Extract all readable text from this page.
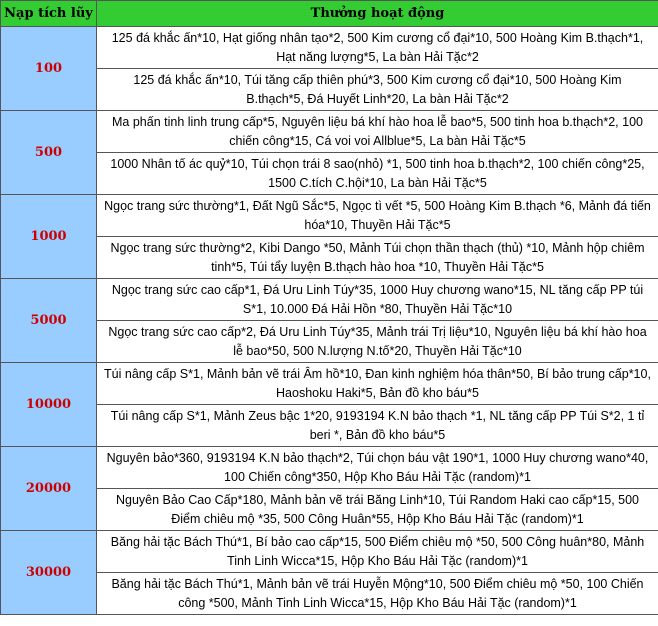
Nạp tích lũy	Thưởng hoạt động
100	125 đá khắc ấn*10, Hạt giống nhân tạo*2, 500 Kim cương cổ đại*10, 500 Hoàng Kim B.thạch*1, Hạt năng lượng*5, La bàn Hải Tặc*2
	125 đá khắc ấn*10, Túi tăng cấp thiên phú*3, 500 Kim cương cổ đại*10, 500 Hoàng Kim B.thạch*5, Đá Huyết Linh*20, La bàn Hải Tặc*2
500	Ma phấn tinh linh trung cấp*5, Nguyên liệu bá khí hào hoa lễ bao*5, 500 tinh hoa b.thạch*2, 100 chiến công*15, Cá voi voi Allblue*5, La bàn Hải Tặc*5
	1000 Nhân tố ác quỷ*10, Túi chọn trái 8 sao(nhỏ) *1, 500 tinh hoa b.thạch*2, 100 chiến công*25, 1500 C.tích C.hội*10, La bàn Hải Tặc*5
1000	Ngọc trang sức thường*1, Đất Ngũ Sắc*5, Ngọc tì vết *5, 500 Hoàng Kim B.thạch *6, Mảnh đá tiến hóa*10, Thuyền Hải Tặc*5
	Ngọc trang sức thường*2, Kibi Dango *50, Mảnh Túi chọn thần thạch (thủ) *10, Mảnh hộp chiêm tinh*5, Túi tẩy luyện B.thạch hào hoa *10, Thuyền Hải Tặc*5
5000	Ngọc trang sức cao cấp*1, Đá Uru Linh Túy*35, 1000 Huy chương wano*15, NL tăng cấp PP túi S*1, 10.000 Đá Hải Hồn *80, Thuyền Hải Tặc*10
	Ngọc trang sức cao cấp*2, Đá Uru Linh Túy*35, Mảnh trái Trị liệu*10, Nguyên liệu bá khí hào hoa lễ bao*50, 500 N.lượng N.tố*20, Thuyền Hải Tặc*10
10000	Túi nâng cấp S*1, Mảnh bản vẽ trái Âm hồ*10, Đan kinh nghiệm hóa thân*50, Bí bảo trung cấp*10, Haoshoku Haki*5, Bản đồ kho báu*5
	Túi nâng cấp S*1, Mảnh Zeus bậc 1*20, 9193194 K.N bảo thạch *1, NL tăng cấp PP Túi S*2, 1 tỉ beri *, Bản đồ kho báu*5
20000	Nguyên bảo*360, 9193194 K.N bảo thạch*2, Túi chọn báu vật 190*1, 1000 Huy chương wano*40, 100 Chiến công*350, Hộp Kho Báu Hải Tặc (random)*1
	Nguyên Bảo Cao Cấp*180, Mảnh bản vẽ trái Băng Linh*10, Túi Random Haki cao cấp*15, 500 Điểm chiêu mộ *35, 500 Công Huân*55, Hộp Kho Báu Hải Tặc (random)*1
30000	Băng hải tặc Bách Thú*1, Bí bảo cao cấp*15, 500 Điểm chiêu mộ *50, 500 Công huân*80, Mảnh Tinh Linh Wicca*15, Hộp Kho Báu Hải Tặc (random)*1
	Băng hải tặc Bách Thú*1, Mảnh bản vẽ trái Huyễn Mộng*10, 500 Điểm chiêu mộ *50, 100 Chiến công *500, Mảnh Tinh Linh Wicca*15, Hộp Kho Báu Hải Tặc (random)*1
